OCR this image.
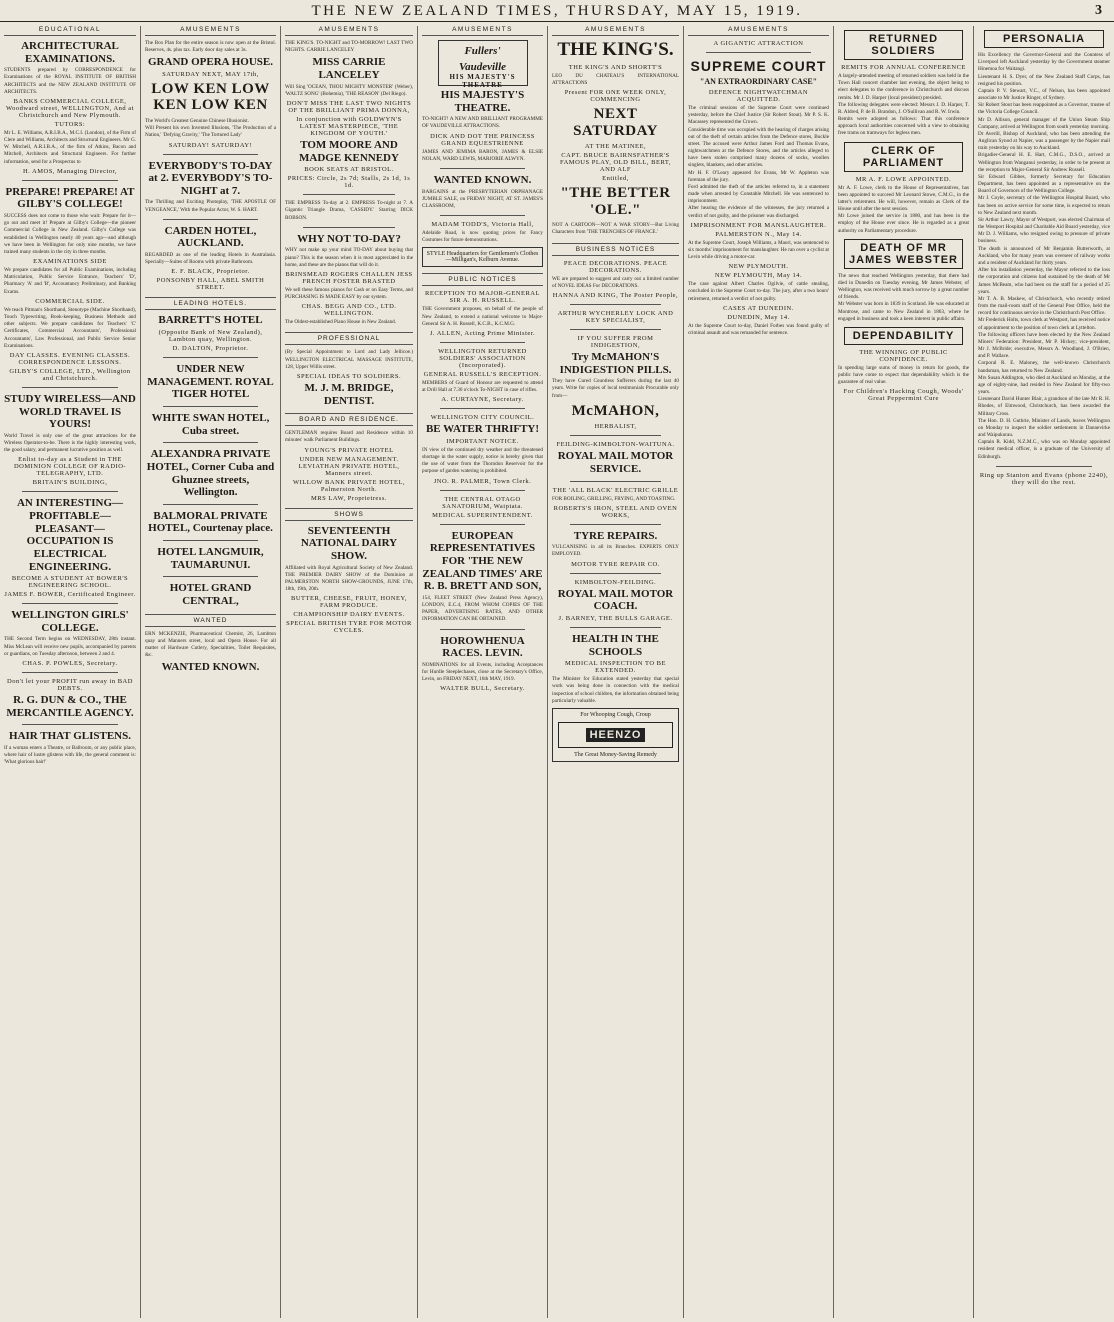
THE NEW ZEALAND TIMES, THURSDAY, MAY 15, 1919.	3
EDUCATIONAL
ARCHITECTURAL EXAMINATIONS.
STUDENTS prepared by CORRESPONDENCE for Examinations of the ROYAL INSTITUTE OF BRITISH ARCHITECTS and the NEW ZEALAND INSTITUTE OF ARCHITECTS.
BANKS COMMERCIAL COLLEGE, Woodward street, WELLINGTON, And at Christchurch and New Plymouth.
TUTORS:
Mr L. E. Williams, A.R.I.B.A., M.C.I. (London), of the Firm of Clere and Williams, Architects and Structural Engineers. Mr G. W. Mitchell, A.R.I.B.A., of the firm of Atkins, Bacon and Mitchell, Architects and Structural Engineers. For further information, send for a Prospectus to
H. AMOS, Managing Director,
PREPARE! PREPARE! AT GILBY'S COLLEGE!
SUCCESS does not come to those who wait: Prepare for it—go out and meet it! Prepare at Gilby's College—the pioneer Commercial College in New Zealand. Gilby's College was established in Wellington nearly 40 years ago—and although we have been in Wellington for only nine months, we have trained many students in the city in three months.
EXAMINATIONS SIDE
We prepare candidates for all Public Examinations, including Matriculation, Public Service Entrance, Teachers' 'D', Pharmacy 'A' and 'B', Accountancy Preliminary, and Banking Exams.
COMMERCIAL SIDE.
We teach Pitman's Shorthand, Stenotype (Machine Shorthand), Touch Typewriting, Book-keeping, Business Methods and other subjects. We prepare candidates for Teachers' 'C' Certificates, Commercial Accountants', Professional Accountants', Law Professional, and Public Service Senior Examinations.
DAY CLASSES. EVENING CLASSES. CORRESPONDENCE LESSONS.
GILBY'S COLLEGE, LTD., Wellington and Christchurch.
STUDY WIRELESS—AND WORLD TRAVEL IS YOURS!
World Travel is only one of the great attractions for the Wireless Operator-to-be. There is the highly interesting work, the good salary, and permanent lucrative position as well.
Enlist to-day as a Student in THE DOMINION COLLEGE OF RADIO-TELEGRAPHY, LTD.
BRITAIN'S BUILDING,
AN INTERESTING—PROFITABLE—PLEASANT—OCCUPATION IS ELECTRICAL ENGINEERING.
BECOME A STUDENT AT BOWER'S ENGINEERING SCHOOL.
JAMES F. BOWER, Certificated Engineer.
WELLINGTON GIRLS' COLLEGE.
THE Second Term begins on WEDNESDAY, 28th instant. Miss McLean will receive new pupils, accompanied by parents or guardians, on Tuesday afternoon, between 2 and 4.
CHAS. P. POWLES, Secretary.
Don't let your PROFIT run away in BAD DEBTS.
R. G. DUN & CO., THE MERCANTILE AGENCY.
HAIR THAT GLISTENS.
If a woman enters a Theatre, or Ballroom, or any public place, where hair of lustre glistens with life, the general comment is: 'What glorious hair!'
AMUSEMENTS
The Box Plan for the entire season is now open at the Bristol. Reserves, 4s. plus tax. Early door day sales at 3s.
GRAND OPERA HOUSE.
SATURDAY NEXT, MAY 17th,
LOW KEN LOW KEN LOW KEN
The World's Greatest Genuine Chinese Illusionist.
Will Present his own Invented Illusions, 'The Production of a Nation,' 'Defying Gravity,' 'The Tortured Lady'
SATURDAY! SATURDAY!
EVERYBODY'S TO-DAY at 2. EVERYBODY'S TO-NIGHT at 7.
The Thrilling and Exciting Photoplay, 'THE APOSTLE OF VENGEANCE,' With the Popular Actor, W. S. HART.
CARDEN HOTEL, AUCKLAND.
REGARDED as one of the leading Hotels in Australasia. Specially—Suites of Rooms with private Bathroom.
E. F. BLACK, Proprietor.
PONSONBY HALL, ABEL SMITH STREET.
LEADING HOTELS.
BARRETT'S HOTEL
(Opposite Bank of New Zealand), Lambton quay, Wellington.
D. DALTON, Proprietor.
UNDER NEW MANAGEMENT. ROYAL TIGER HOTEL
WHITE SWAN HOTEL, Cuba street.
ALEXANDRA PRIVATE HOTEL, Corner Cuba and Ghuznee streets, Wellington.
BALMORAL PRIVATE HOTEL, Courtenay place.
HOTEL LANGMUIR, TAUMARUNUI.
HOTEL GRAND CENTRAL,
WANTED
ERN MCKENZIE, Pharmaceutical Chemist, 26, Lambton quay and Manners street, local and Opera House. For all matter of Hardware Cutlery, Specialities, Toilet Requisites, &c.
WANTED KNOWN.
AMUSEMENTS
THE KING'S. TO-NIGHT and TO-MORROW! LAST TWO NIGHTS. CARRIE LANCELEY
MISS CARRIE LANCELEY
Will Sing 'OCEAN, THOU MIGHTY MONSTER' (Weber), 'WALTZ SONG' (Bohemia), 'THE REASON' (Del Riego).
DON'T MISS THE LAST TWO NIGHTS OF THE BRILLIANT PRIMA DONNA,
In conjunction with GOLDWYN'S LATEST MASTERPIECE, 'THE KINGDOM OF YOUTH.'
TOM MOORE AND MADGE KENNEDY
BOOK SEATS AT BRISTOL.
PRICES: Circle, 2s 7d; Stalls, 2s 1d, 1s 1d.
THE EMPRESS To-day at 2. EMPRESS To-night at 7. A Gigantic Triangle Drama, 'CASSIDY.' Starring DICK ROBSON.
WHY NOT TO-DAY?
WHY not make up your mind TO-DAY about buying that piano? This is the season when it is most appreciated in the home, and these are the pianos that will do it.
BRINSMEAD ROGERS CHALLEN JESS FRENCH FOSTER BRASTED
We sell these famous pianos for Cash or on Easy Terms, and PURCHASING IS MADE EASY by our system.
CHAS. BEGG AND CO., LTD. WELLINGTON.
The Oldest-established Piano House in New Zealand.
PROFESSIONAL
(By Special Appointment to Lord and Lady Jellicoe.) WELLINGTON ELECTRICAL MASSAGE INSTITUTE, 128, Upper Willis street.
SPECIAL IDEAS TO SOLDIERS.
M. J. M. BRIDGE, DENTIST.
BOARD AND RESIDENCE.
GENTLEMAN requires Board and Residence within 10 minutes' walk Parliament Buildings.
YOUNG'S PRIVATE HOTEL
UNDER NEW MANAGEMENT. LEVIATHAN PRIVATE HOTEL, Manners street.
WILLOW BANK PRIVATE HOTEL, Palmerston North.
MRS LAW, Proprietress.
SHOWS
SEVENTEENTH NATIONAL DAIRY SHOW.
Affiliated with Royal Agricultural Society of New Zealand. THE PREMIER DAIRY SHOW of the Dominion at PALMERSTON NORTH SHOW-GROUNDS, JUNE 17th, 18th, 19th, 20th.
BUTTER, CHEESE, FRUIT, HONEY, FARM PRODUCE.
CHAMPIONSHIP DAIRY EVENTS.
SPECIAL BRITISH TYRE FOR MOTOR CYCLES.
AMUSEMENTS
Fullers'
Vaudeville
HIS MAJESTY'S THEATRE
HIS MAJESTY'S THEATRE.
TO-NIGHT! A NEW AND BRILLIANT PROGRAMME OF VAUDEVILLE ATTRACTIONS.
DICK AND DOT THE PRINCESS GRAND EQUESTRIENNE
JAMES AND JEMIMA BARON, JAMES & ELSIE NOLAN, WARD LEWIS, MARJORIE ALWYN.
WANTED KNOWN.
BARGAINS at the PRESBYTERIAN ORPHANAGE JUMBLE SALE, on FRIDAY NIGHT, AT ST. JAMES'S CLASSROOM,
MADAM TODD'S, Victoria Hall,
Adelaide Road, is now quoting prices for Fancy Costumes for future demonstrations.
STYLE Headquarters for Gentlemen's Clothes—Milligan's, Kelburn Avenue.
PUBLIC NOTICES
RECEPTION TO MAJOR-GENERAL SIR A. H. RUSSELL.
THE Government proposes, on behalf of the people of New Zealand, to extend a national welcome to Major-General Sir A. H. Russell, K.C.B., K.C.M.G.
J. ALLEN, Acting Prime Minister.
WELLINGTON RETURNED SOLDIERS' ASSOCIATION (Incorporated).
GENERAL RUSSELL'S RECEPTION.
MEMBERS of Guard of Honour are requested to attend at Drill Hall at 7.30 o'clock To-NIGHT in case of rifles.
A. CURTAYNE, Secretary.
WELLINGTON CITY COUNCIL.
BE WATER THRIFTY!
IMPORTANT NOTICE.
IN view of the continued dry weather and the threatened shortage in the water supply, notice is hereby given that the use of water from the Thorndon Reservoir for the purpose of garden watering is prohibited.
JNO. R. PALMER, Town Clerk.
THE CENTRAL OTAGO SANATORIUM, Waipiata.
MEDICAL SUPERINTENDENT.
EUROPEAN REPRESENTATIVES FOR 'THE NEW ZEALAND TIMES' ARE R. B. BRETT AND SON,
154, FLEET STREET (New Zealand Press Agency), LONDON, E.C.4, FROM WHOM COPIES OF THE PAPER, ADVERTISING RATES, AND OTHER INFORMATION CAN BE OBTAINED.
HOROWHENUA RACES. LEVIN.
NOMINATIONS for all Events, including Acceptances for Hurdle Steeplechases, close at the Secretary's Office, Levin, on FRIDAY NEXT, 16th MAY, 1919.
WALTER BULL, Secretary.
AMUSEMENTS
THE KING'S.
THE KING'S AND SHORTT'S
LEO DU CHATEAU'S INTERNATIONAL ATTRACTIONS
Present FOR ONE WEEK ONLY, COMMENCING
NEXT SATURDAY
AT THE MATINEE,
CAPT. BRUCE BAIRNSFATHER'S FAMOUS PLAY, OLD BILL, BERT, AND ALF
Entitled,
"THE BETTER 'OLE."
NOT A CARTOON—NOT A WAR STORY—But Living Characters from 'THE TRENCHES OF FRANCE.'
BUSINESS NOTICES
PEACE DECORATIONS. PEACE DECORATIONS.
WE are prepared to suggest and carry out a limited number of NOVEL IDEAS For DECORATIONS.
HANNA AND KING, The Poster People,
ARTHUR WYCHERLEY LOCK AND KEY SPECIALIST,
IF YOU SUFFER FROM INDIGESTION,
Try McMAHON'S INDIGESTION PILLS.
They have Cured Countless Sufferers during the last 40 years. Write for copies of local testimonials Procurable only from—
McMAHON,
HERBALIST,
FEILDING-KIMBOLTON-WAITUNA.
ROYAL MAIL MOTOR SERVICE.
THE 'ALL BLACK' ELECTRIC GRILLE
FOR BOILING, GRILLING, FRYING, AND TOASTING.
ROBERTS'S IRON, STEEL AND OVEN WORKS,
TYRE REPAIRS.
VULCANISING in all its Branches. EXPERTS ONLY EMPLOYED.
MOTOR TYRE REPAIR CO.
KIMBOLTON-FEILDING.
ROYAL MAIL MOTOR COACH.
J. BARNEY, THE BULLS GARAGE.
HEALTH IN THE SCHOOLS
MEDICAL INSPECTION TO BE EXTENDED.
The Minister for Education stated yesterday that special work was being done in connection with the medical inspection of school children, the information obtained being particularly valuable.
For Whooping Cough, Croup
HEENZO
The Great Money-Saving Remedy
AMUSEMENTS
A GIGANTIC ATTRACTION
SUPREME COURT
"AN EXTRAORDINARY CASE"
DEFENCE NIGHTWATCHMAN ACQUITTED.
The criminal sessions of the Supreme Court were continued yesterday, before the Chief Justice (Sir Robert Stout). Mr P. S. K. Macassey represented the Crown.
Considerable time was occupied with the hearing of charges arising out of the theft of certain articles from the Defence stores, Buckle street. The accused were Arthur James Ford and Thomas Evans, nightwatchmen at the Defence Stores, and the articles alleged to have been stolen comprised many dozens of socks, woollen singlets, blankets, and other articles.
Mr H. F. O'Leary appeared for Evans, Mr W. Appleton was foreman of the jury.
Ford admitted the theft of the articles referred to, in a statement made when arrested by Constable Mitchell. He was sentenced to imprisonment.
After hearing the evidence of the witnesses, the jury returned a verdict of not guilty, and the prisoner was discharged.
IMPRISONMENT FOR MANSLAUGHTER.
PALMERSTON N., May 14.
At the Supreme Court, Joseph Williams, a Maori, was sentenced to six months' imprisonment for manslaughter. He ran over a cyclist at Levin while driving a motor-car.
NEW PLYMOUTH.
NEW PLYMOUTH, May 14.
The case against Albert Charles Ogilvie, of cattle stealing, concluded in the Supreme Court to-day. The jury, after a two hours' retirement, returned a verdict of not guilty.
CASES AT DUNEDIN.
DUNEDIN, May 14.
At the Supreme Court to-day, Daniel Forbes was found guilty of criminal assault and was remanded for sentence.
RETURNED SOLDIERS
REMITS FOR ANNUAL CONFERENCE
A largely-attended meeting of returned soldiers was held in the Town Hall concert chamber last evening, the object being to elect delegates to the conference in Christchurch and discuss remits. Mr J. D. Harper (local president) presided.
The following delegates were elected: Messrs J. D. Harper, T. R. Aldred, P. de B. Brandon, J. O'Sullivan and R. W. Irwin.
Remits were adopted as follows: That this conference approach local authorities concerned with a view to obtaining free trams on tramways for legless men.
CLERK OF PARLIAMENT
MR A. F. LOWE APPOINTED.
Mr A. F. Lowe, clerk to the House of Representatives, has been appointed to succeed Mr Leonard Stowe, C.M.G., in the latter's retirement. He will, however, remain as Clerk of the House until after the next session.
Mr Lowe joined the service in 1880, and has been in the employ of the House ever since. He is regarded as a great authority on Parliamentary procedure.
DEATH OF MR JAMES WEBSTER
The news that reached Wellington yesterday, that there had died in Dunedin on Tuesday evening, Mr James Webster, of Wellington, was received with much sorrow by a great number of friends.
Mr Webster was born in 1839 in Scotland. He was educated at Montrose, and came to New Zealand in 1863, where he engaged in business and took a keen interest in public affairs.
DEPENDABILITY
THE WINNING OF PUBLIC CONFIDENCE.
In spending large sums of money in return for goods, the public have come to expect that dependability which is the guarantee of real value.
For Children's Hacking Cough, Woods' Great Peppermint Cure
PERSONALIA
His Excellency the Governor-General and the Countess of Liverpool left Auckland yesterday by the Government steamer Hinemoa for Waitangi.
Lieutenant H. S. Dyer, of the New Zealand Staff Corps, has resigned his position.
Captain P. V. Stewart, V.C., of Nelson, has been appointed associate to Mr Justice Ringer, of Sydney.
Sir Robert Stout has been reappointed as a Governor, trustee of the Victoria College Council.
Mr D. Allison, general manager of the Union Steam Ship Company, arrived at Wellington from south yesterday morning.
Dr Averill, Bishop of Auckland, who has been attending the Anglican Synod at Napier, was a passenger by the Napier mail train yesterday on his way to Auckland.
Brigadier-General H. E. Hart, C.M.G., D.S.O., arrived at Wellington from Wanganui yesterday, in order to be present at the reception to Major-General Sir Andrew Russell.
Sir Edward Gibbes, formerly Secretary for Education Department, has been appointed as a representative on the Board of Governors of the Wellington College.
Mr J. Coyle, secretary of the Wellington Hospital Board, who has been on active service for some time, is expected to return to New Zealand next month.
Sir Arthur Lawry, Mayor of Westport, was elected Chairman of the Westport Hospital and Charitable Aid Board yesterday, vice Mr D. J. Williams, who resigned owing to pressure of private business.
The death is announced of Mr Benjamin Butterworth, at Auckland, who for many years was overseer of railway works and a resident of Auckland for thirty years.
After his installation yesterday, the Mayor referred to the loss the corporation and citizens had sustained by the death of Mr James McBeam, who had been on the staff for a period of 25 years.
Mr T. A. B. Maskew, of Christchurch, who recently retired from the mail-room staff of the General Post Office, held the record for continuous service in the Christchurch Post Office.
Mr Frederick Holts, town clerk at Westport, has received notice of appointment to the position of town clerk at Lyttelton.
The following officers have been elected by the New Zealand Miners' Federation: President, Mr P. Hickey; vice-president, Mr J. McBride; executive, Messrs A. Woodland, J. O'Brien, and P. Wallace.
Corporal R. E. Maloney, the well-known Christchurch bandsman, has returned to New Zealand.
Mrs Susan Addington, who died at Auckland on Monday, at the age of eighty-nine, had resided in New Zealand for fifty-two years.
Lieutenant David Hunter Blair, a grandson of the late Mr R. H. Rhodes, of Elmwood, Christchurch, has been awarded the Military Cross.
The Hon. D. H. Guthrie, Minister of Lands, leaves Wellington on Monday to inspect the soldier settlements in Dannevirke and Waipukurau.
Captain R. Kidd, N.Z.M.C., who was on Monday appointed resident medical officer, is a graduate of the University of Edinburgh.
Ring up Stanton and Evans (phone 2240), they will do the rest.
